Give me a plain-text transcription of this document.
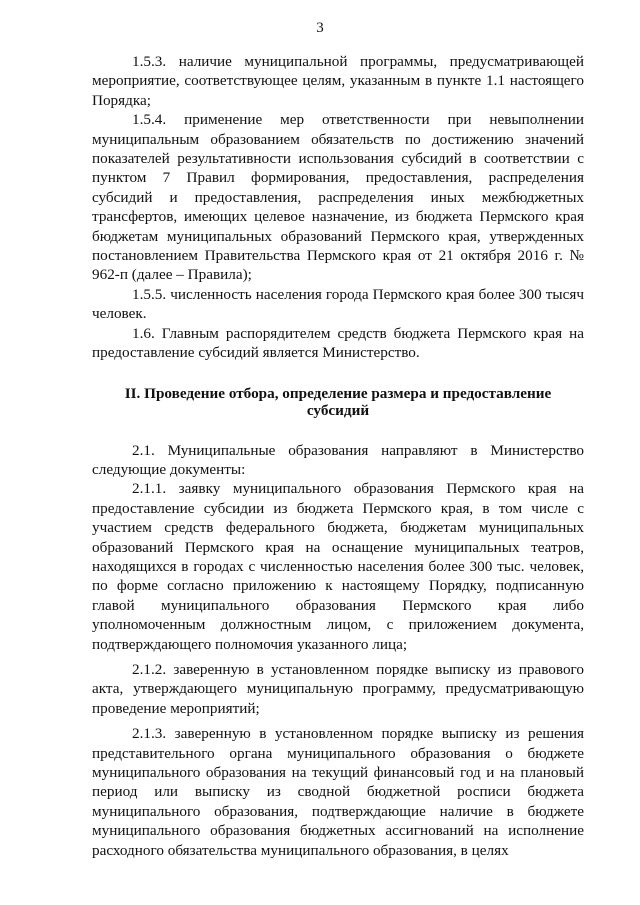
3

1.5.3. наличие муниципальной программы, предусматривающей мероприятие, соответствующее целям, указанным в пункте 1.1 настоящего Порядка;

1.5.4. применение мер ответственности при невыполнении муниципальным образованием обязательств по достижению значений показателей результативности использования субсидий в соответствии с пунктом 7 Правил формирования, предоставления, распределения субсидий и предоставления, распределения иных межбюджетных трансфертов, имеющих целевое назначение, из бюджета Пермского края бюджетам муниципальных образований Пермского края, утвержденных постановлением Правительства Пермского края от 21 октября 2016 г. № 962-п (далее – Правила);

1.5.5. численность населения города Пермского края более 300 тысяч человек.

1.6. Главным распорядителем средств бюджета Пермского края на предоставление субсидий является Министерство.

II. Проведение отбора, определение размера и предоставление субсидий

2.1. Муниципальные образования направляют в Министерство следующие документы:

2.1.1. заявку муниципального образования Пермского края на предоставление субсидии из бюджета Пермского края, в том числе с участием средств федерального бюджета, бюджетам муниципальных образований Пермского края на оснащение муниципальных театров, находящихся в городах с численностью населения более 300 тыс. человек, по форме согласно приложению к настоящему Порядку, подписанную главой муниципального образования Пермского края либо уполномоченным должностным лицом, с приложением документа, подтверждающего полномочия указанного лица;

2.1.2. заверенную в установленном порядке выписку из правового акта, утверждающего муниципальную программу, предусматривающую проведение мероприятий;

2.1.3. заверенную в установленном порядке выписку из решения представительного органа муниципального образования о бюджете муниципального образования на текущий финансовый год и на плановый период или выписку из сводной бюджетной росписи бюджета муниципального образования, подтверждающие наличие в бюджете муниципального образования бюджетных ассигнований на исполнение расходного обязательства муниципального образования, в целях
